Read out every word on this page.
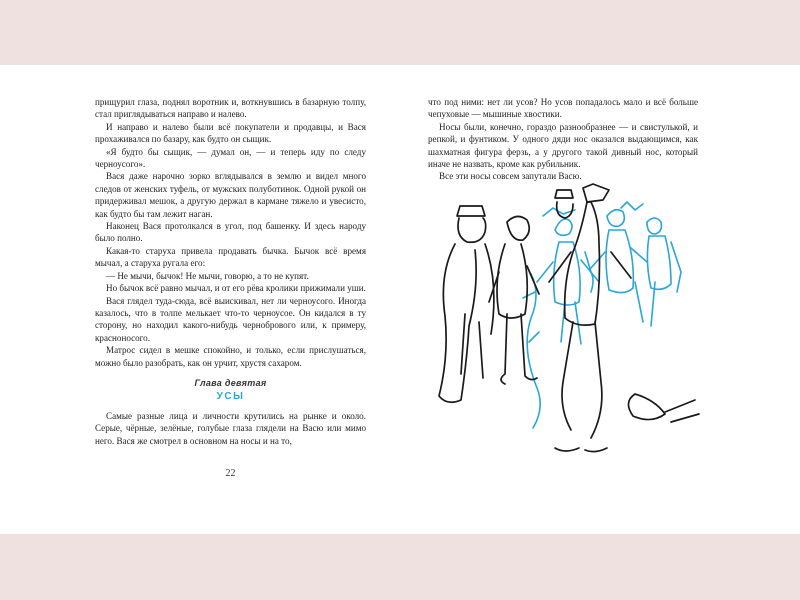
прищурил глаза, поднял воротник и, воткнувшись в базарную толпу, стал приглядываться направо и налево.

И направо и налево были всё покупатели и продавцы, и Вася прохаживался по базару, как будто он сыщик.

«Я будто бы сыщик, — думал он, — и теперь иду по следу черноусого».

Вася даже нарочно зорко вглядывался в землю и видел много следов от женских туфель, от мужских полуботинок. Одной рукой он придерживал мешок, а другую держал в кармане тяжело и увесисто, как будто бы там лежит наган.

Наконец Вася протолкался в угол, под башенку. И здесь народу было полно.

Какая-то старуха привела продавать бычка. Бычок всё время мычал, а старуха ругала его:

— Не мычи, бычок! Не мычи, говорю, а то не купят.

Но бычок всё равно мычал, и от его рёва кролики прижимали уши.

Вася глядел туда-сюда, всё выискивал, нет ли черноусого. Иногда казалось, что в толпе мелькает что-то черноусое. Он кидался в ту сторону, но находил какого-нибудь чернобрового или, к примеру, красноносого.

Матрос сидел в мешке спокойно, и только, если прислушаться, можно было разобрать, как он урчит, хрустя сахаром.

Глава девятая
УСЫ

Самые разные лица и личности крутились на рынке и около. Серые, чёрные, зелёные, голубые глаза глядели на Васю или мимо него. Вася же смотрел в основном на носы и на то,

22

что под ними: нет ли усов? Но усов попадалось мало и всё больше чепуховые — мышиные хвостики.

Носы были, конечно, гораздо разнообразнее — и свистулькой, и репкой, и фунтиком. У одного дяди нос оказался выдающимся, как шахматная фигура ферзь, а у другого такой дивный нос, который иначе не назвать, кроме как рубильник.

Все эти носы совсем запутали Васю.
